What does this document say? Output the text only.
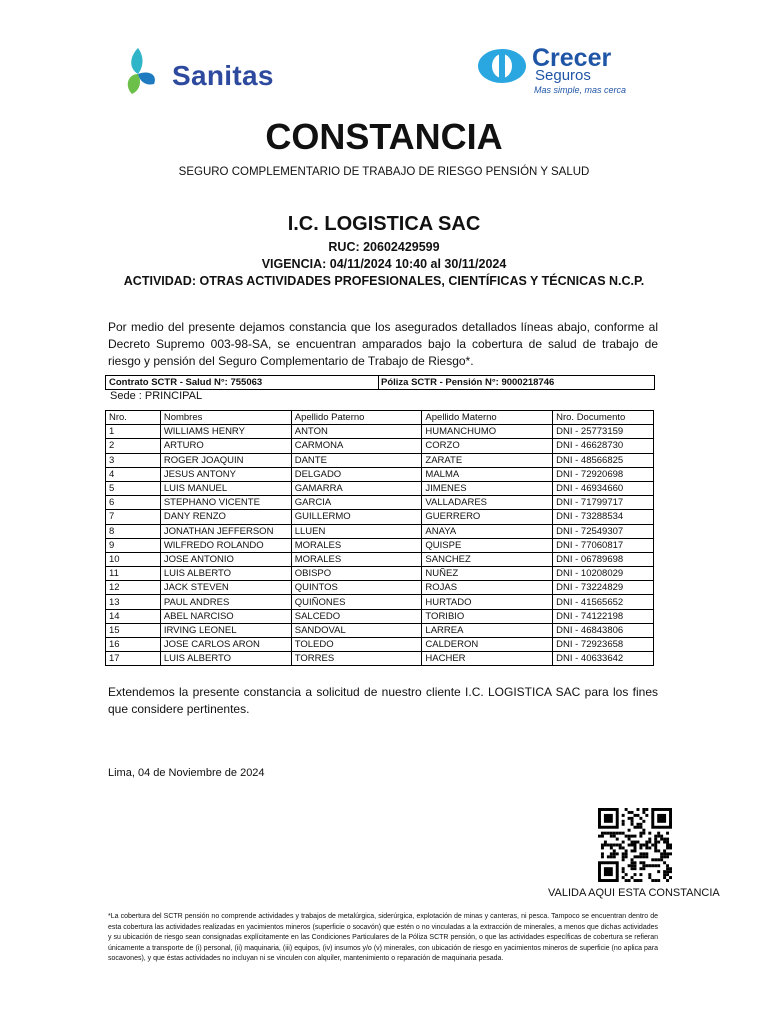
Sanitas
Crecer
Seguros
Mas simple, mas cerca
CONSTANCIA
SEGURO COMPLEMENTARIO DE TRABAJO DE RIESGO PENSIÓN Y SALUD
I.C. LOGISTICA SAC
RUC: 20602429599
VIGENCIA: 04/11/2024 10:40 al 30/11/2024
ACTIVIDAD: OTRAS ACTIVIDADES PROFESIONALES, CIENTÍFICAS Y TÉCNICAS N.C.P.
Por medio del presente dejamos constancia que los asegurados detallados líneas abajo, conforme al Decreto Supremo 003-98-SA, se encuentran amparados bajo la cobertura de salud de trabajo de riesgo y pensión del Seguro Complementario de Trabajo de Riesgo*.
Contrato SCTR - Salud N°: 755063	Póliza SCTR - Pensión N°: 9000218746
Sede : PRINCIPAL
Nro.	Nombres	Apellido Paterno	Apellido Materno	Nro. Documento
1	WILLIAMS HENRY	ANTON	HUMANCHUMO	DNI - 25773159
2	ARTURO	CARMONA	CORZO	DNI - 46628730
3	ROGER JOAQUIN	DANTE	ZARATE	DNI - 48566825
4	JESUS ANTONY	DELGADO	MALMA	DNI - 72920698
5	LUIS MANUEL	GAMARRA	JIMENES	DNI - 46934660
6	STEPHANO VICENTE	GARCIA	VALLADARES	DNI - 71799717
7	DANY RENZO	GUILLERMO	GUERRERO	DNI - 73288534
8	JONATHAN JEFFERSON	LLUEN	ANAYA	DNI - 72549307
9	WILFREDO ROLANDO	MORALES	QUISPE	DNI - 77060817
10	JOSE ANTONIO	MORALES	SANCHEZ	DNI - 06789698
11	LUIS ALBERTO	OBISPO	NUÑEZ	DNI - 10208029
12	JACK STEVEN	QUINTOS	ROJAS	DNI - 73224829
13	PAUL ANDRES	QUIÑONES	HURTADO	DNI - 41565652
14	ABEL NARCISO	SALCEDO	TORIBIO	DNI - 74122198
15	IRVING LEONEL	SANDOVAL	LARREA	DNI - 46843806
16	JOSE CARLOS ARON	TOLEDO	CALDERON	DNI - 72923658
17	LUIS ALBERTO	TORRES	HACHER	DNI - 40633642
Extendemos la presente constancia a solicitud de nuestro cliente I.C. LOGISTICA SAC para los fines que considere pertinentes.
Lima, 04 de Noviembre de 2024
VALIDA AQUI ESTA CONSTANCIA
*La cobertura del SCTR pensión no comprende actividades y trabajos de metalúrgica, siderúrgica, explotación de minas y canteras, ni pesca. Tampoco se encuentran dentro de esta cobertura las actividades realizadas en yacimientos mineros (superficie o socavón) que estén o no vinculadas a la extracción de minerales, a menos que dichas actividades y su ubicación de riesgo sean consignadas explícitamente en las Condiciones Particulares de la Póliza SCTR pensión, o que las actividades específicas de cobertura se refieran únicamente a transporte de (i) personal, (ii) maquinaria, (iii) equipos, (iv) insumos y/o (v) minerales, con ubicación de riesgo en yacimientos mineros de superficie (no aplica para socavones), y que éstas actividades no incluyan ni se vinculen con alquiler, mantenimiento o reparación de maquinaria pesada.
